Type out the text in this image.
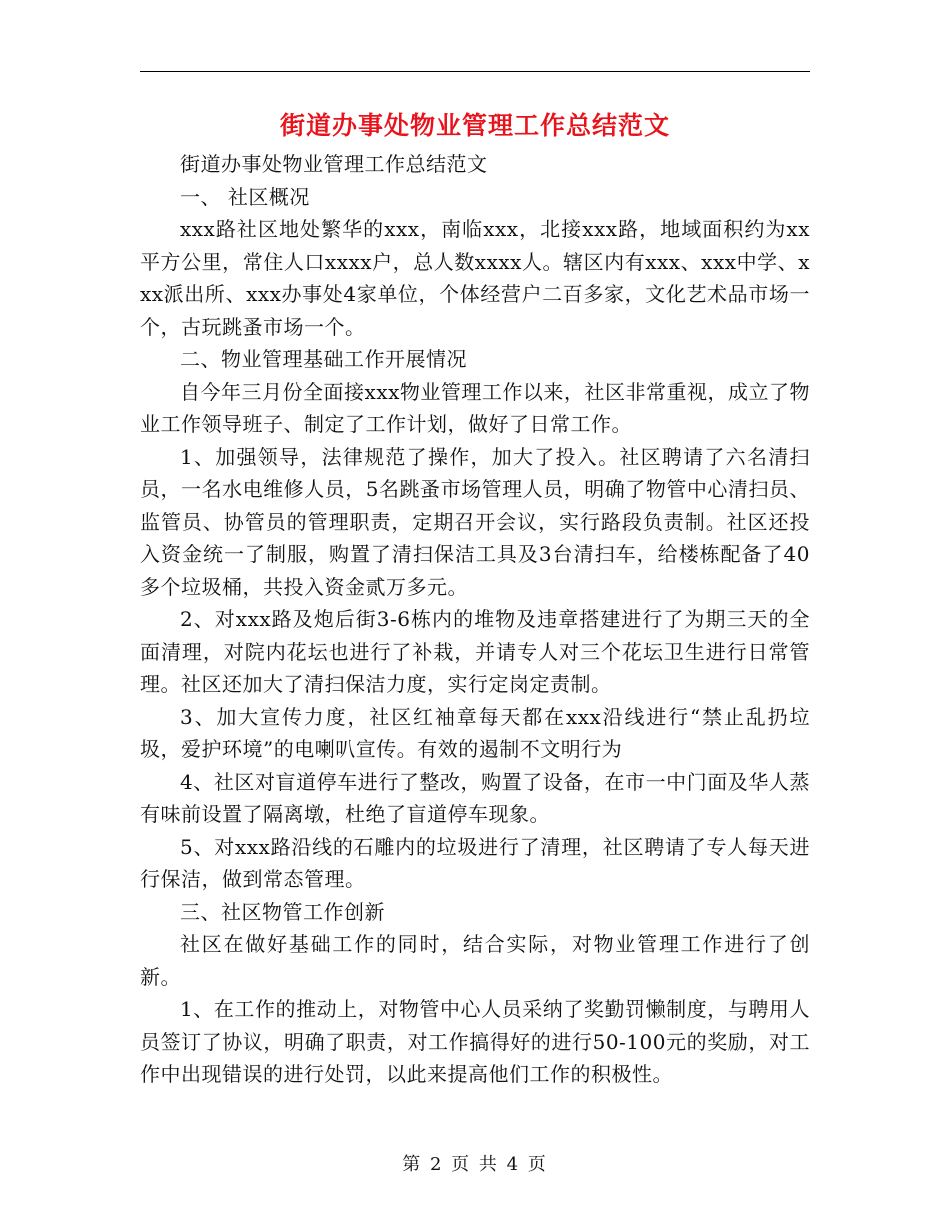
街道办事处物业管理工作总结范文

街道办事处物业管理工作总结范文

一、 社区概况

xxx路社区地处繁华的xxx，南临xxx，北接xxx路，地域面积约为xx平方公里，常住人口xxxx户，总人数xxxx人。辖区内有xxx、xxx中学、xxx派出所、xxx办事处4家单位，个体经营户二百多家，文化艺术品市场一个，古玩跳蚤市场一个。

二、物业管理基础工作开展情况

自今年三月份全面接xxx物业管理工作以来，社区非常重视，成立了物业工作领导班子、制定了工作计划，做好了日常工作。

1、加强领导，法律规范了操作，加大了投入。社区聘请了六名清扫员，一名水电维修人员，5名跳蚤市场管理人员，明确了物管中心清扫员、监管员、协管员的管理职责，定期召开会议，实行路段负责制。社区还投入资金统一了制服，购置了清扫保洁工具及3台清扫车，给楼栋配备了40多个垃圾桶，共投入资金贰万多元。

2、对xxx路及炮后街3-6栋内的堆物及违章搭建进行了为期三天的全面清理，对院内花坛也进行了补栽，并请专人对三个花坛卫生进行日常管理。社区还加大了清扫保洁力度，实行定岗定责制。

3、加大宣传力度，社区红袖章每天都在xxx沿线进行“禁止乱扔垃圾，爱护环境”的电喇叭宣传。有效的遏制不文明行为

4、社区对盲道停车进行了整改，购置了设备，在市一中门面及华人蒸有味前设置了隔离墩，杜绝了盲道停车现象。

5、对xxx路沿线的石雕内的垃圾进行了清理，社区聘请了专人每天进行保洁，做到常态管理。

三、社区物管工作创新

社区在做好基础工作的同时，结合实际，对物业管理工作进行了创新。

1、在工作的推动上，对物管中心人员采纳了奖勤罚懒制度，与聘用人员签订了协议，明确了职责，对工作搞得好的进行50-100元的奖励，对工作中出现错误的进行处罚，以此来提高他们工作的积极性。

第 2 页 共 4 页
